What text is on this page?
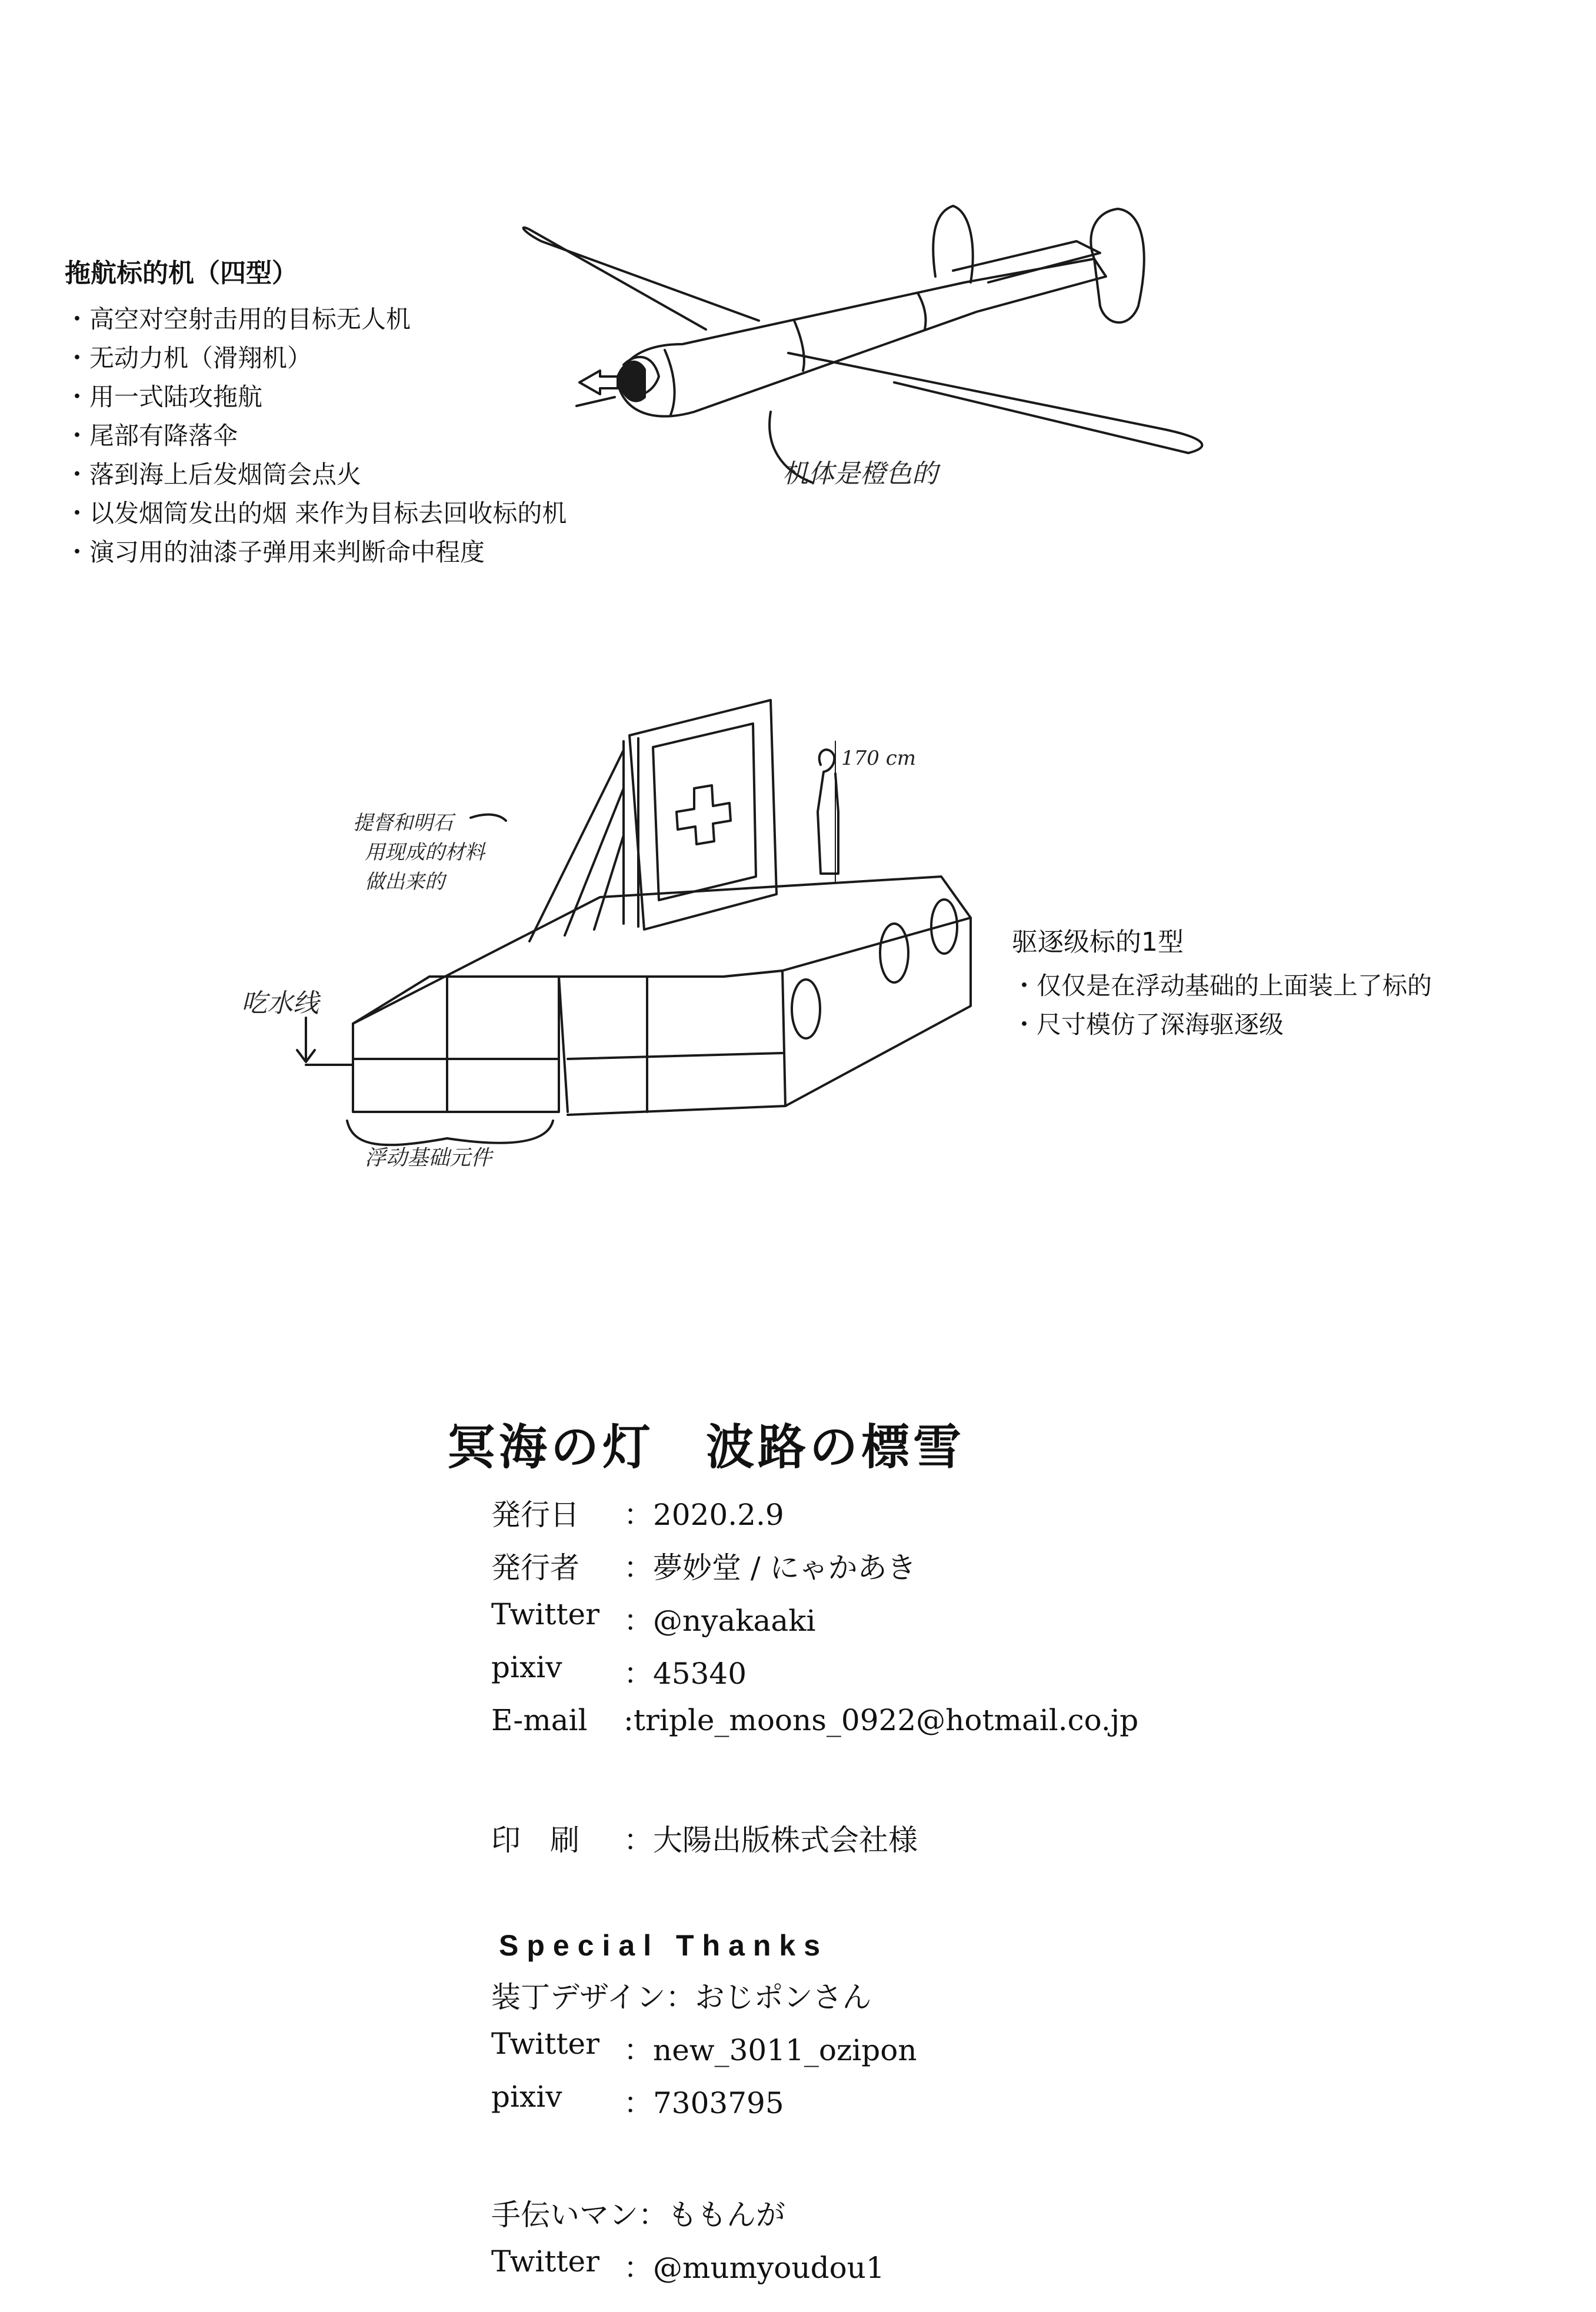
机体是橙色的
170 cm
提督和明石
用现成的材料
做出来的
吃水线
浮动基础元件
拖航标的机（四型）
・ 高空对空射击用的目标无人机
・ 无动力机（滑翔机）
・ 用一式陆攻拖航
・ 尾部有降落伞
・ 落到海上后发烟筒会点火
・ 以发烟筒发出的烟 来作为目标去回收标的机
・ 演习用的油漆子弹用来判断命中程度
驱逐级标的1型
・ 仅仅是在浮动基础的上面装上了标的
・ 尺寸模仿了深海驱逐级
冥海の灯　波路の標雪
発行日	：2020.2.9
発行者	：夢妙堂 / にゃかあき
Twitter ：@nyakaaki
pixiv	：45340
E-mail	:triple_moons_0922@hotmail.co.jp
印　刷	：大陽出版株式会社様
Special Thanks
装丁デザイン ：おじポンさん
Twitter ：new_3011_ozipon
pixiv	：7303795
手伝いマン ：ももんが
Twitter ：@mumyoudou1
